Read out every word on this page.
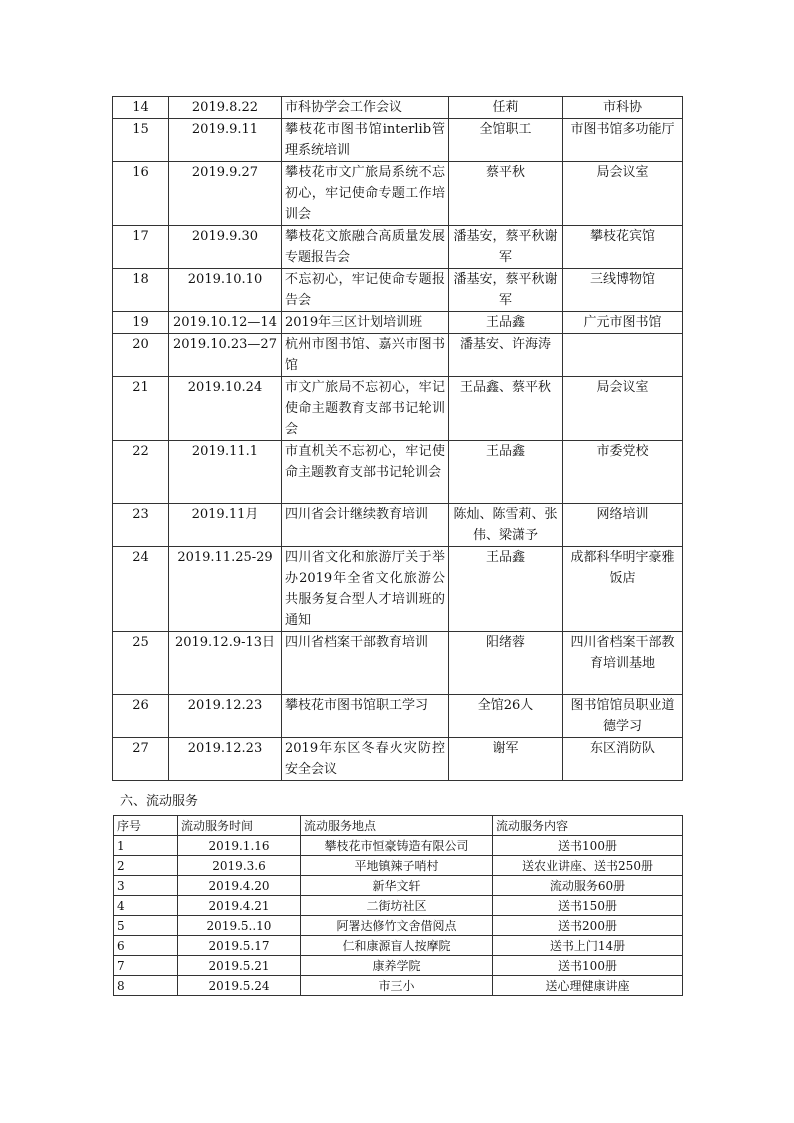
14	2019.8.22	市科协学会工作会议	任莉	市科协
15	2019.9.11	攀枝花市图书馆interlib管理系统培训	全馆职工	市图书馆多功能厅
16	2019.9.27	攀枝花市文广旅局系统不忘初心，牢记使命专题工作培训会	蔡平秋	局会议室
17	2019.9.30	攀枝花文旅融合高质量发展专题报告会	潘基安，蔡平秋谢军	攀枝花宾馆
18	2019.10.10	不忘初心，牢记使命专题报告会	潘基安，蔡平秋谢军	三线博物馆
19	2019.10.12—14	2019年三区计划培训班	王品鑫	广元市图书馆
20	2019.10.23—27	杭州市图书馆、嘉兴市图书馆	潘基安、许海涛	
21	2019.10.24	市文广旅局不忘初心，牢记使命主题教育支部书记轮训会	王品鑫、蔡平秋	局会议室
22	2019.11.1	市直机关不忘初心，牢记使命主题教育支部书记轮训会	王品鑫	市委党校
23	2019.11月	四川省会计继续教育培训	陈灿、陈雪莉、张伟、梁潇予	网络培训
24	2019.11.25-29	四川省文化和旅游厅关于举办2019年全省文化旅游公共服务复合型人才培训班的通知	王品鑫	成都科华明宇豪雅饭店
25	2019.12.9-13日	四川省档案干部教育培训	阳绪蓉	四川省档案干部教育培训基地
26	2019.12.23	攀枝花市图书馆职工学习	全馆26人	图书馆馆员职业道德学习
27	2019.12.23	2019年东区冬春火灾防控安全会议	谢军	东区消防队
六、流动服务
序号	流动服务时间	流动服务地点	流动服务内容
1	2019.1.16	攀枝花市恒豪铸造有限公司	送书100册
2	2019.3.6	平地镇辣子哨村	送农业讲座、送书250册
3	2019.4.20	新华文轩	流动服务60册
4	2019.4.21	二街坊社区	送书150册
5	2019.5..10	阿署达修竹文舍借阅点	送书200册
6	2019.5.17	仁和康源盲人按摩院	送书上门14册
7	2019.5.21	康养学院	送书100册
8	2019.5.24	市三小	送心理健康讲座
